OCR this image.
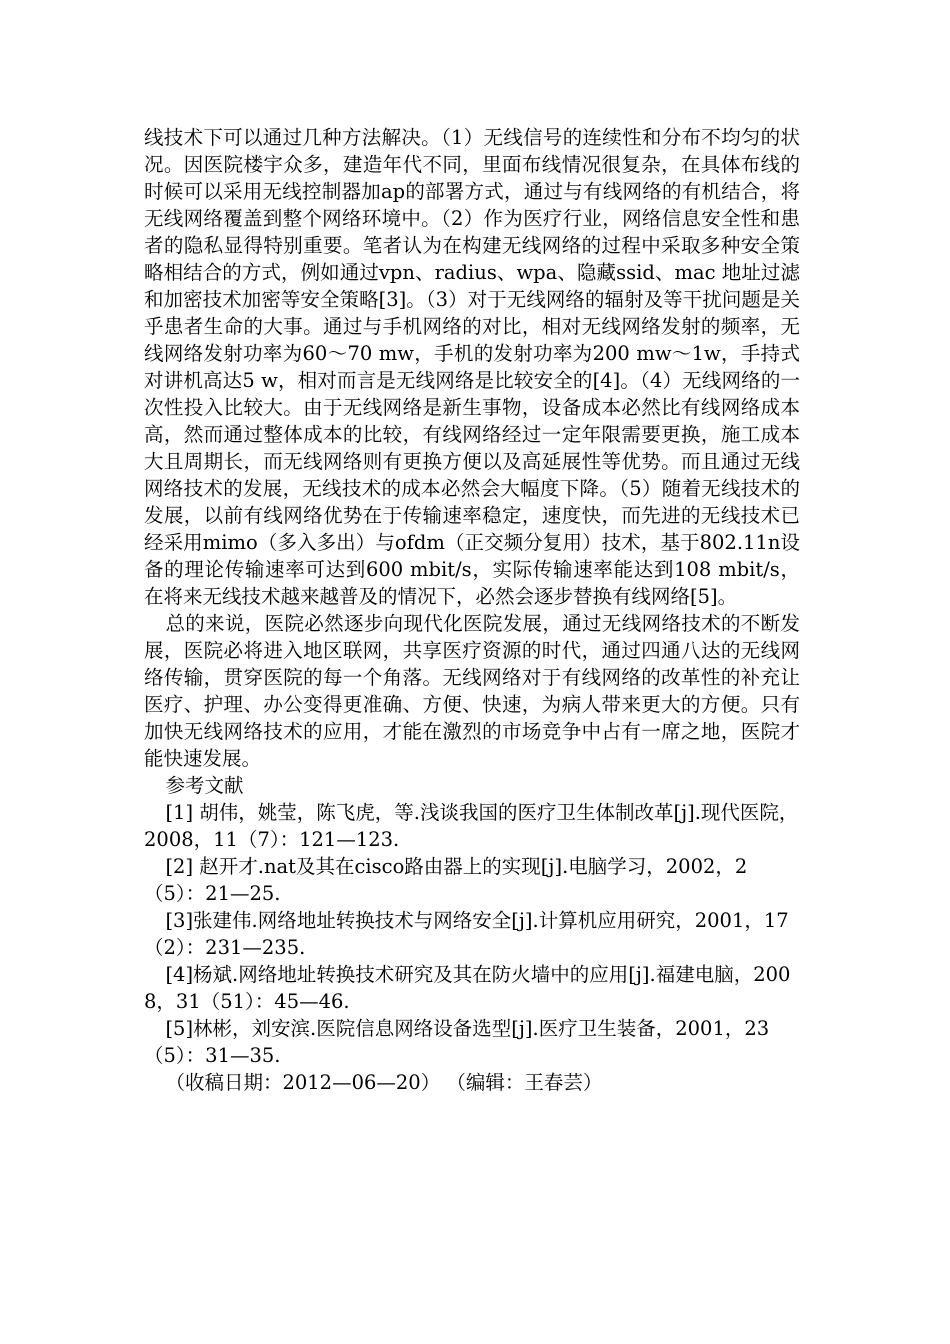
线技术下可以通过几种方法解决。（1）无线信号的连续性和分布不均匀的状况。因医院楼宇众多，建造年代不同，里面布线情况很复杂，在具体布线的时候可以采用无线控制器加ap的部署方式，通过与有线网络的有机结合，将无线网络覆盖到整个网络环境中。（2）作为医疗行业，网络信息安全性和患者的隐私显得特别重要。笔者认为在构建无线网络的过程中采取多种安全策略相结合的方式，例如通过vpn、radius、wpa、隐藏ssid、mac 地址过滤和加密技术加密等安全策略[3]。（3）对于无线网络的辐射及等干扰问题是关乎患者生命的大事。通过与手机网络的对比，相对无线网络发射的频率，无线网络发射功率为60～70 mw，手机的发射功率为200 mw～1w，手持式对讲机高达5 w，相对而言是无线网络是比较安全的[4]。（4）无线网络的一次性投入比较大。由于无线网络是新生事物，设备成本必然比有线网络成本高，然而通过整体成本的比较，有线网络经过一定年限需要更换，施工成本大且周期长，而无线网络则有更换方便以及高延展性等优势。而且通过无线网络技术的发展，无线技术的成本必然会大幅度下降。（5）随着无线技术的发展，以前有线网络优势在于传输速率稳定，速度快，而先进的无线技术已经采用mimo（多入多出）与ofdm（正交频分复用）技术，基于802.11n设备的理论传输速率可达到600 mbit/s，实际传输速率能达到108 mbit/s，在将来无线技术越来越普及的情况下，必然会逐步替换有线网络[5]。

总的来说，医院必然逐步向现代化医院发展，通过无线网络技术的不断发展，医院必将进入地区联网，共享医疗资源的时代，通过四通八达的无线网络传输，贯穿医院的每一个角落。无线网络对于有线网络的改革性的补充让医疗、护理、办公变得更准确、方便、快速，为病人带来更大的方便。只有加快无线网络技术的应用，才能在激烈的市场竞争中占有一席之地，医院才能快速发展。

参考文献

[1] 胡伟，姚莹，陈飞虎，等.浅谈我国的医疗卫生体制改革[j].现代医院，2008，11（7）：121—123.
[2] 赵开才.nat及其在cisco路由器上的实现[j].电脑学习，2002，2（5）：21—25.
[3]张建伟.网络地址转换技术与网络安全[j].计算机应用研究，2001，17（2）：231—235.
[4]杨斌.网络地址转换技术研究及其在防火墙中的应用[j].福建电脑，2008，31（51）：45—46.
[5]林彬，刘安滨.医院信息网络设备选型[j].医疗卫生装备，2001，23（5）：31—35.

（收稿日期：2012—06—20） （编辑：王春芸）
